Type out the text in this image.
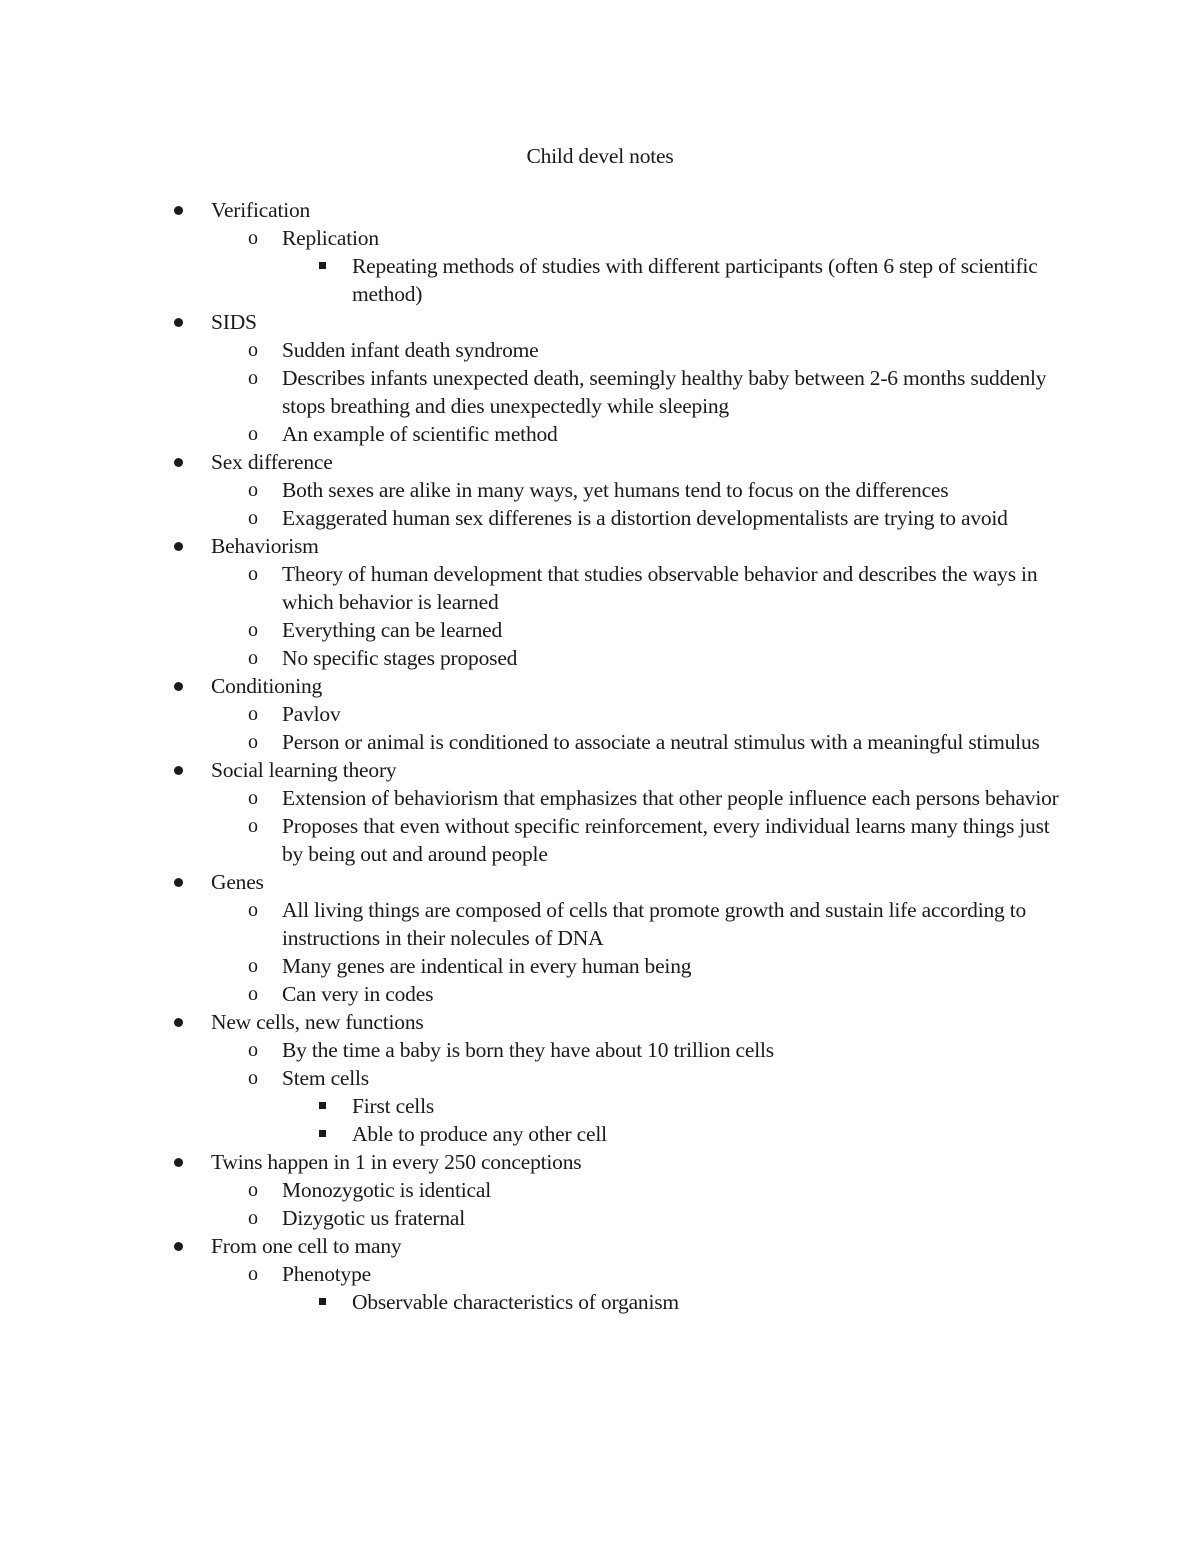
Child devel notes
Verification
o Replication
Repeating methods of studies with different participants (often 6 step of scientific method)
SIDS
o Sudden infant death syndrome
o Describes infants unexpected death, seemingly healthy baby between 2-6 months suddenly stops breathing and dies unexpectedly while sleeping
o An example of scientific method
Sex difference
o Both sexes are alike in many ways, yet humans tend to focus on the differences
o Exaggerated human sex differenes is a distortion developmentalists are trying to avoid
Behaviorism
o Theory of human development that studies observable behavior and describes the ways in which behavior is learned
o Everything can be learned
o No specific stages proposed
Conditioning
o Pavlov
o Person or animal is conditioned to associate a neutral stimulus with a meaningful stimulus
Social learning theory
o Extension of behaviorism that emphasizes that other people influence each persons behavior
o Proposes that even without specific reinforcement, every individual learns many things just by being out and around people
Genes
o All living things are composed of cells that promote growth and sustain life according to instructions in their nolecules of DNA
o Many genes are indentical in every human being
o Can very in codes
New cells, new functions
o By the time a baby is born they have about 10 trillion cells
o Stem cells
First cells
Able to produce any other cell
Twins happen in 1 in every 250 conceptions
o Monozygotic is identical
o Dizygotic us fraternal
From one cell to many
o Phenotype
Observable characteristics of organism
